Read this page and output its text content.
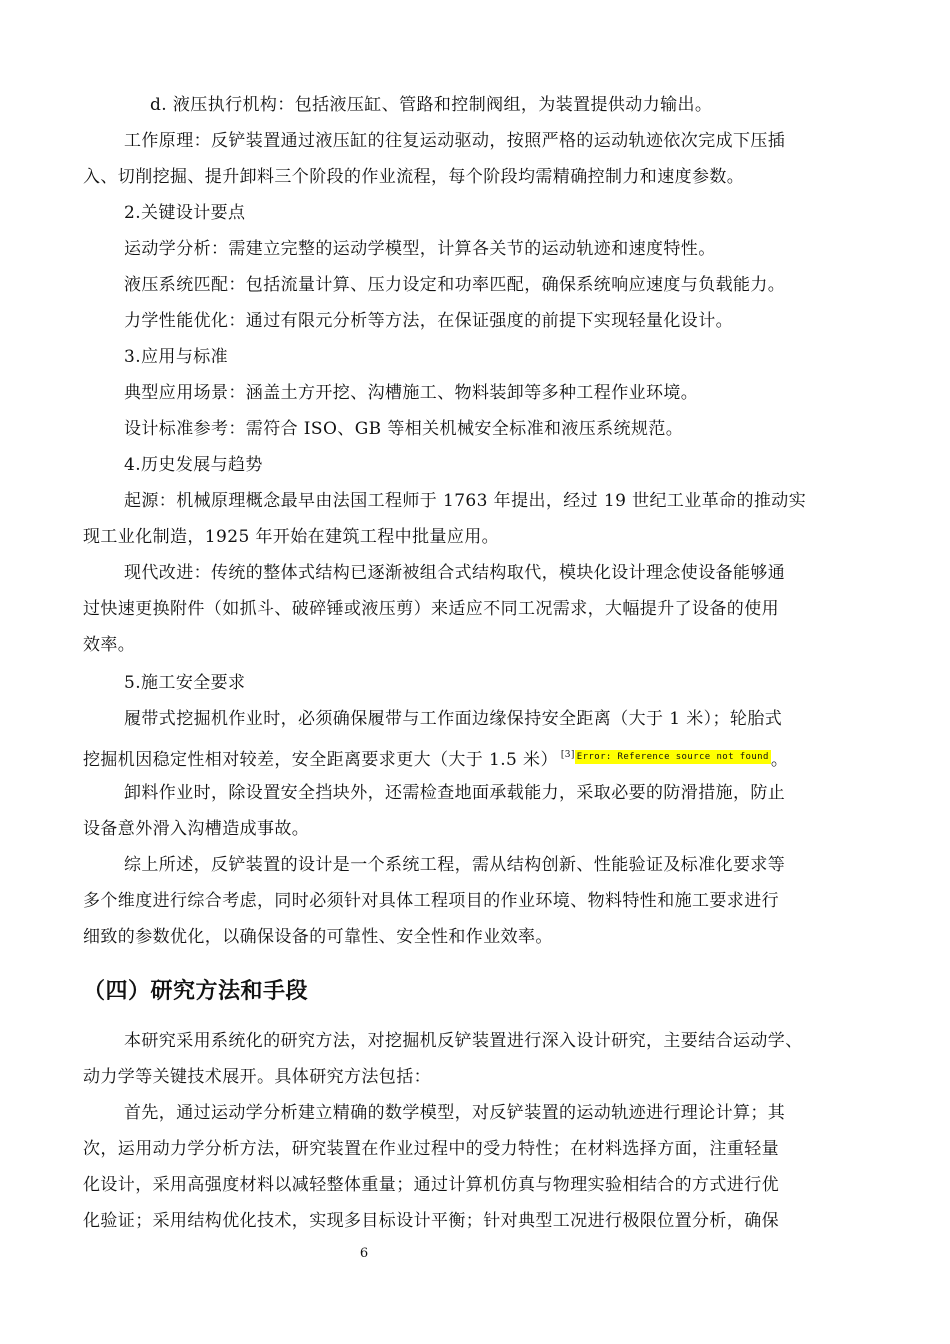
d. 液压执行机构：包括液压缸、管路和控制阀组，为装置提供动力输出。
工作原理：反铲装置通过液压缸的往复运动驱动，按照严格的运动轨迹依次完成下压插
入、切削挖掘、提升卸料三个阶段的作业流程，每个阶段均需精确控制力和速度参数。
2.关键设计要点
运动学分析：需建立完整的运动学模型，计算各关节的运动轨迹和速度特性。
液压系统匹配：包括流量计算、压力设定和功率匹配，确保系统响应速度与负载能力。
力学性能优化：通过有限元分析等方法，在保证强度的前提下实现轻量化设计。
3.应用与标准
典型应用场景：涵盖土方开挖、沟槽施工、物料装卸等多种工程作业环境。
设计标准参考：需符合 ISO、GB 等相关机械安全标准和液压系统规范。
4.历史发展与趋势
起源：机械原理概念最早由法国工程师于 1763 年提出，经过 19 世纪工业革命的推动实
现工业化制造，1925 年开始在建筑工程中批量应用。
现代改进：传统的整体式结构已逐渐被组合式结构取代，模块化设计理念使设备能够通
过快速更换附件（如抓斗、破碎锤或液压剪）来适应不同工况需求，大幅提升了设备的使用
效率。
5.施工安全要求
履带式挖掘机作业时，必须确保履带与工作面边缘保持安全距离（大于 1 米）；轮胎式
挖掘机因稳定性相对较差，安全距离要求更大（大于 1.5 米） [3] $^{Error: Reference source not found}$ 。
卸料作业时，除设置安全挡块外，还需检查地面承载能力，采取必要的防滑措施，防止
设备意外滑入沟槽造成事故。
综上所述，反铲装置的设计是一个系统工程，需从结构创新、性能验证及标准化要求等
多个维度进行综合考虑，同时必须针对具体工程项目的作业环境、物料特性和施工要求进行
细致的参数优化，以确保设备的可靠性、安全性和作业效率。
（四）研究方法和手段
本研究采用系统化的研究方法，对挖掘机反铲装置进行深入设计研究，主要结合运动学、
动力学等关键技术展开。具体研究方法包括：
首先，通过运动学分析建立精确的数学模型，对反铲装置的运动轨迹进行理论计算；其
次，运用动力学分析方法，研究装置在作业过程中的受力特性；在材料选择方面，注重轻量
化设计，采用高强度材料以减轻整体重量；通过计算机仿真与物理实验相结合的方式进行优
化验证；采用结构优化技术，实现多目标设计平衡；针对典型工况进行极限位置分析，确保
6
